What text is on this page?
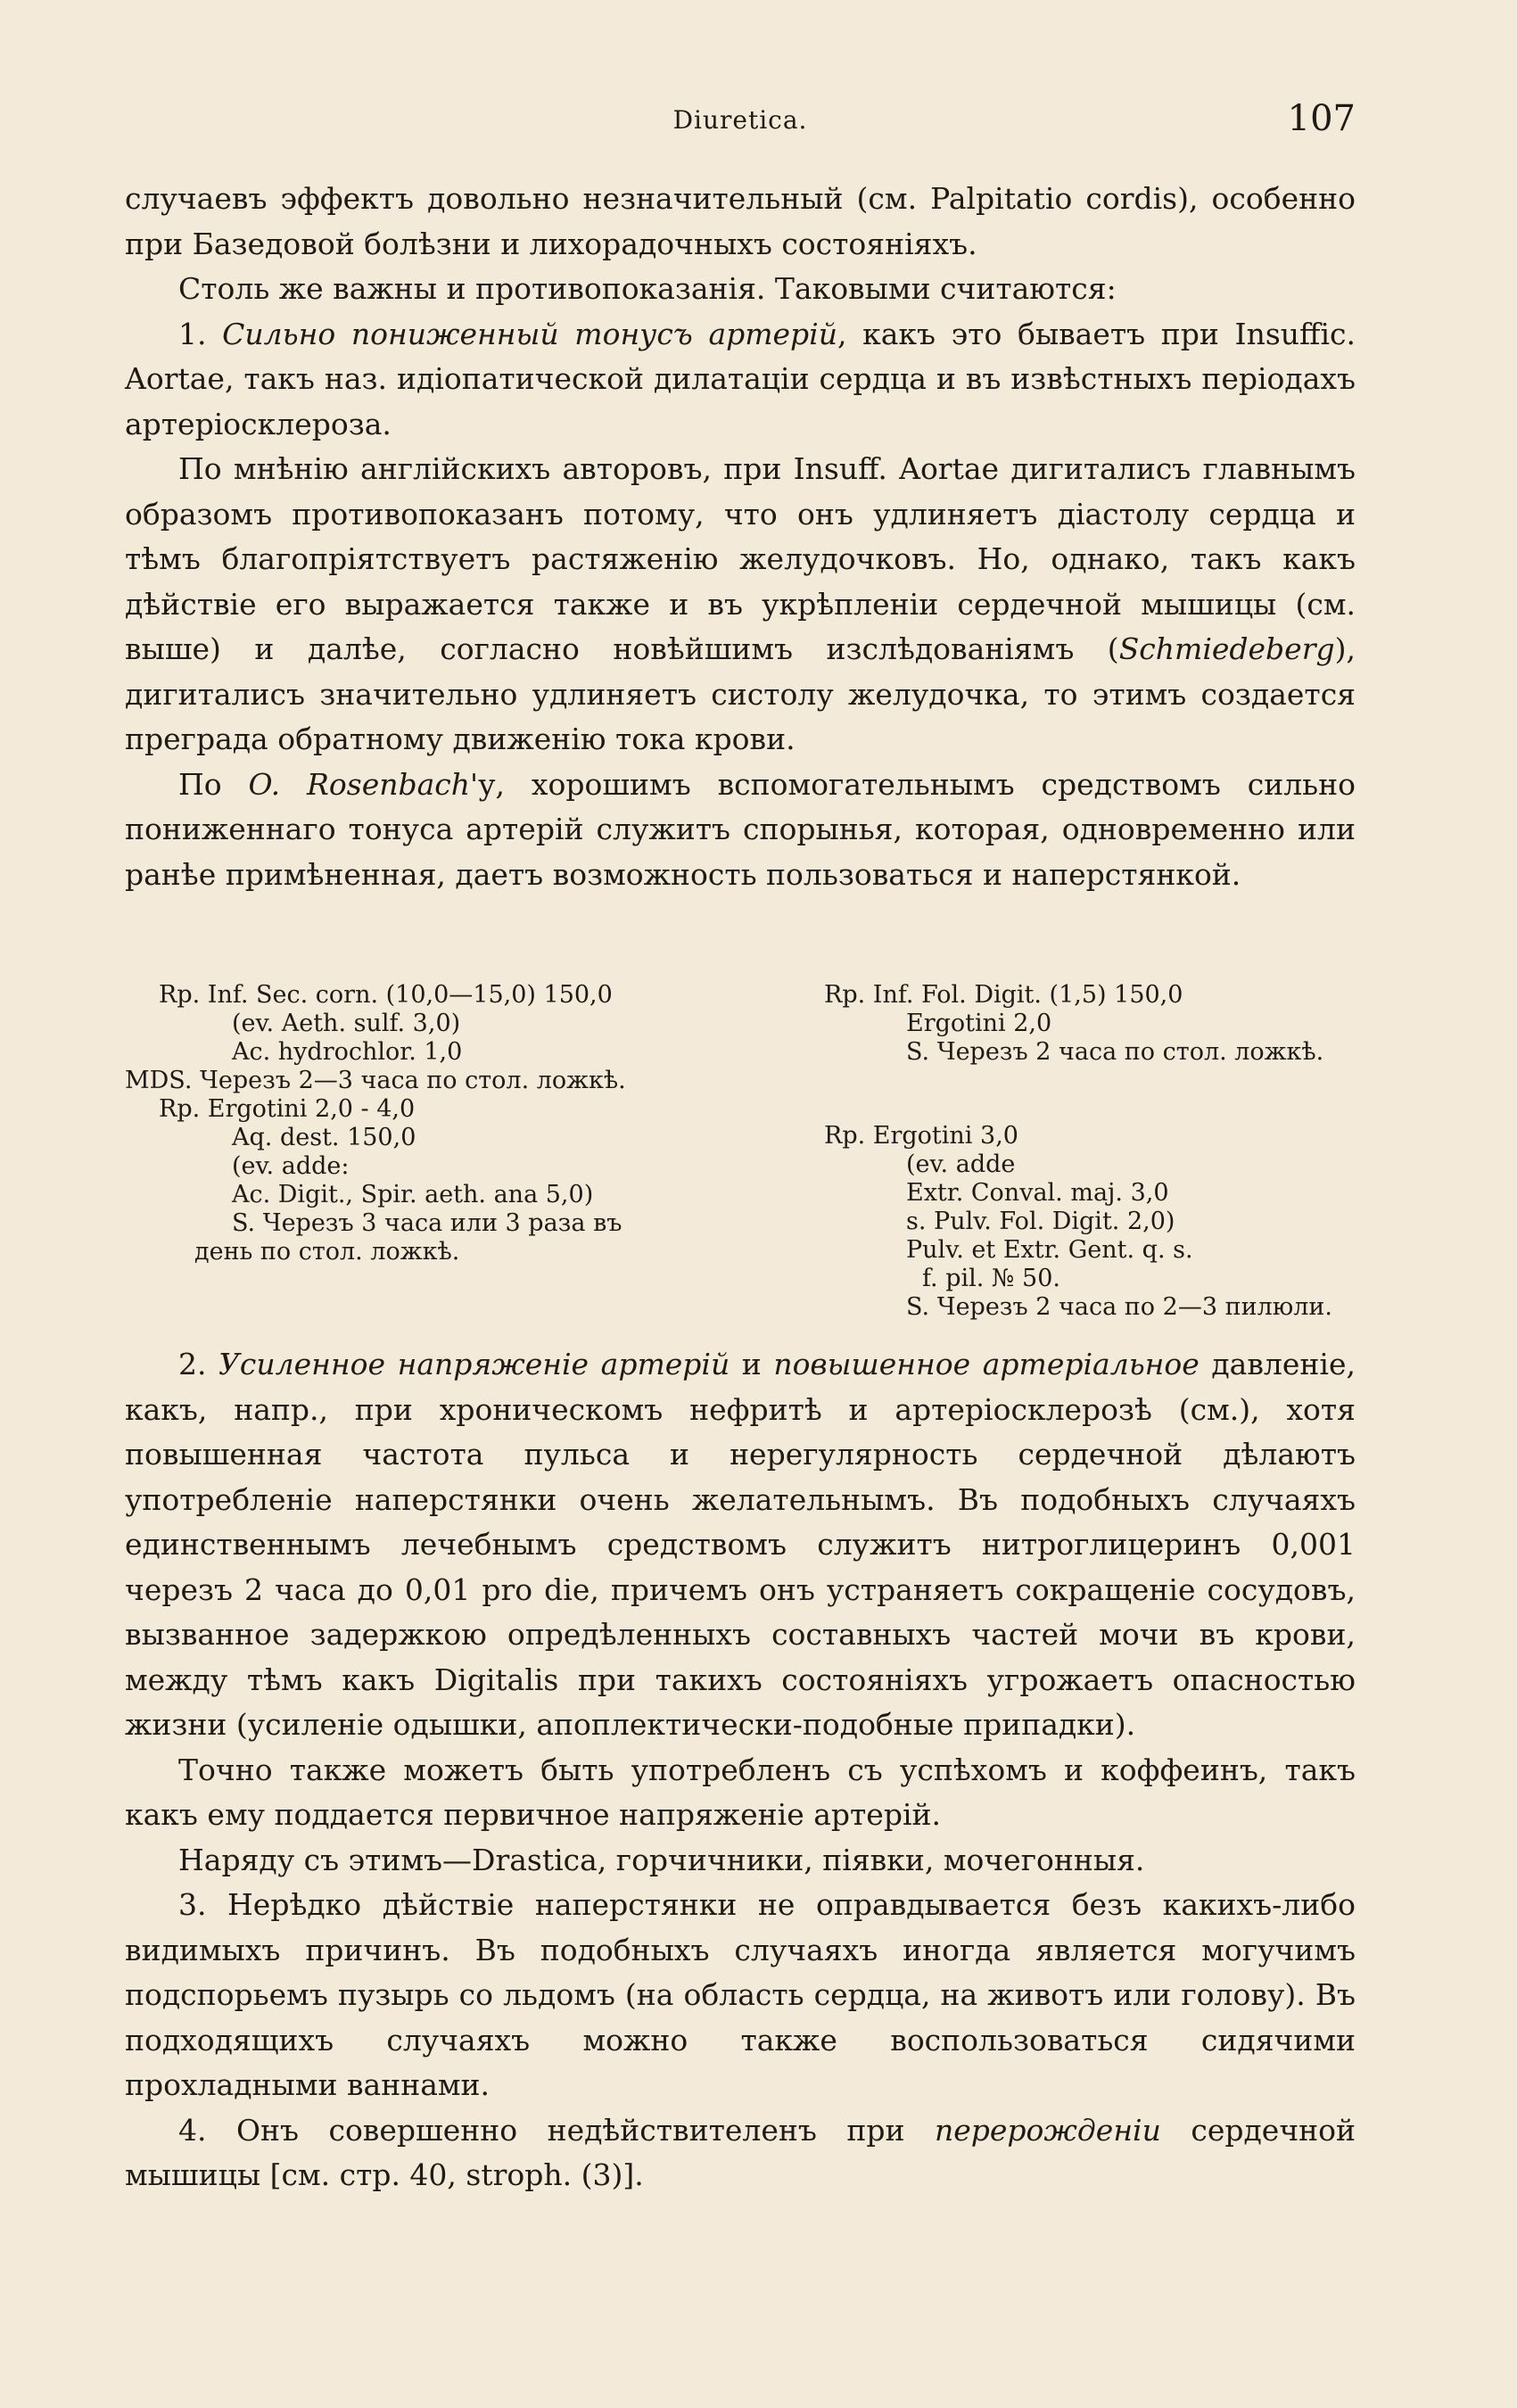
Diuretica.	107

случаевъ эффектъ довольно незначительный (см. Palpitatio cordis), особенно при Базедовой болѣзни и лихорадочныхъ состояніяхъ.

Столь же важны и противопоказанія. Таковыми считаются:

1. Сильно пониженный тонусъ артерій, какъ это бываетъ при Insuffic. Aortae, такъ наз. идіопатической дилатаціи сердца и въ извѣстныхъ періодахъ артеріосклероза.

По мнѣнію англійскихъ авторовъ, при Insuff. Aortae дигиталисъ главнымъ образомъ противопоказанъ потому, что онъ удлиняетъ діастолу сердца и тѣмъ благопріятствуетъ растяженію желудочковъ. Но, однако, такъ какъ дѣйствіе его выражается также и въ укрѣпленіи сердечной мышицы (см. выше) и далѣе, согласно новѣйшимъ изслѣдованіямъ (Schmiedeberg), дигиталисъ значительно удлиняетъ систолу желудочка, то этимъ создается преграда обратному движенію тока крови.

По O. Rosenbach'у, хорошимъ вспомогательнымъ средствомъ сильно пониженнаго тонуса артерій служитъ спорынья, которая, одновременно или ранѣе примѣненная, даетъ возможность пользоваться и наперстянкой.

Rp. Inf. Sec. corn. (10,0—15,0) 150,0
(ev. Aeth. sulf. 3,0)
Ac. hydrochlor. 1,0
MDS. Черезъ 2—3 часа по стол. ложкѣ.
Rp. Ergotini 2,0 - 4,0
Aq. dest. 150,0
(ev. adde:
Ac. Digit., Spir. aeth. ana 5,0)
S. Черезъ 3 часа или 3 раза въ
день по стол. ложкѣ.
Rp. Inf. Fol. Digit. (1,5) 150,0
Ergotini 2,0
S. Черезъ 2 часа по стол. ложкѣ.
Rp. Ergotini 3,0
(ev. adde
Extr. Conval. maj. 3,0
s. Pulv. Fol. Digit. 2,0)
Pulv. et Extr. Gent. q. s.
f. pil. № 50.
S. Черезъ 2 часа по 2—3 пилюли.

2. Усиленное напряженіе артерій и повышенное артеріальное давленіе, какъ, напр., при хроническомъ нефритѣ и артеріосклерозѣ (см.), хотя повышенная частота пульса и нерегулярность сердечной дѣлаютъ употребленіе наперстянки очень желательнымъ. Въ подобныхъ случаяхъ единственнымъ лечебнымъ средствомъ служитъ нитроглицеринъ 0,001 черезъ 2 часа до 0,01 pro die, причемъ онъ устраняетъ сокращеніе сосудовъ, вызванное задержкою опредѣленныхъ составныхъ частей мочи въ крови, между тѣмъ какъ Digitalis при такихъ состояніяхъ угрожаетъ опасностью жизни (усиленіе одышки, апоплектически-подобные припадки).

Точно также можетъ быть употребленъ съ успѣхомъ и коффеинъ, такъ какъ ему поддается первичное напряженіе артерій.

Наряду съ этимъ—Drastica, горчичники, піявки, мочегонныя.

3. Нерѣдко дѣйствіе наперстянки не оправдывается безъ какихъ-либо видимыхъ причинъ. Въ подобныхъ случаяхъ иногда является могучимъ подспорьемъ пузырь со льдомъ (на область сердца, на животъ или голову). Въ подходящихъ случаяхъ можно также воспользоваться сидячими прохладными ваннами.

4. Онъ совершенно недѣйствителенъ при перерожденіи сердечной мышицы [см. стр. 40, stroph. (3)].
